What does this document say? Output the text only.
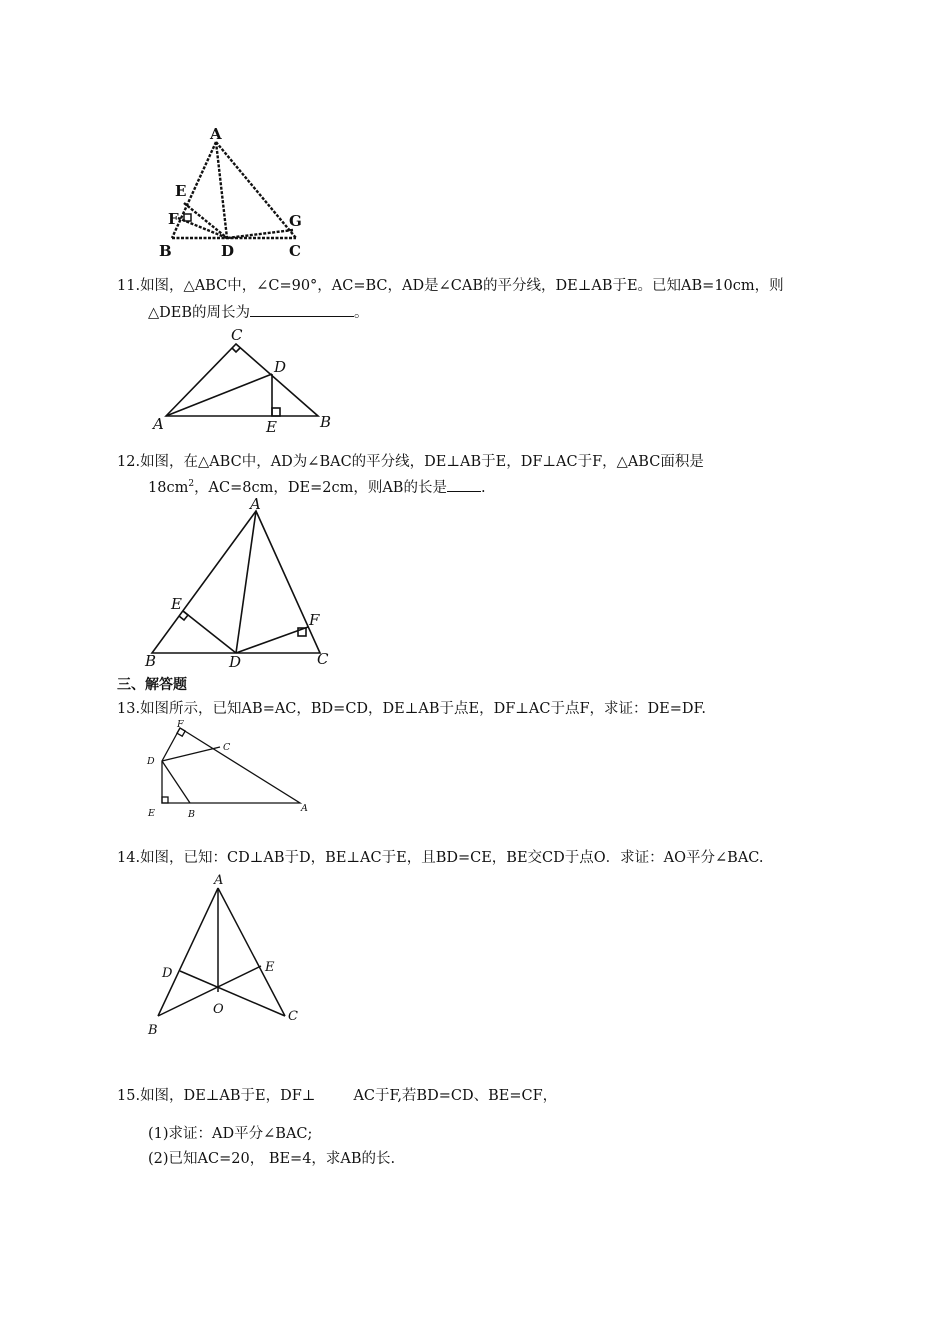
A
E
F	G
B	D	C
11.如图，△ABC中，∠C=90°，AC=BC，AD是∠CAB的平分线，DE⊥AB于E。已知AB=10cm，则
△DEB的周长为	。
C
D
A	E	B
12.如图，在△ABC中，AD为∠BAC的平分线，DE⊥AB于E，DF⊥AC于F，△ABC面积是
$18cm^2$，AC=8cm，DE=2cm，则AB的长是 .
A
E
F
B	D	C
三、解答题
13.如图所示，已知AB=AC，BD=CD，DE⊥AB于点E，DF⊥AC于点F，求证：DE=DF.
F
C
D
E	B
A
14.如图，已知：CD⊥AB于D，BE⊥AC于E，且BD=CE，BE交CD于点O．求证：AO平分∠BAC.
A
D	E
O
B
C
15.如图，DE⊥AB于E，DF⊥	AC于F,若BD=CD、BE=CF，
(1)求证：AD平分∠BAC;
(2)已知AC=20， BE=4，求AB的长.
